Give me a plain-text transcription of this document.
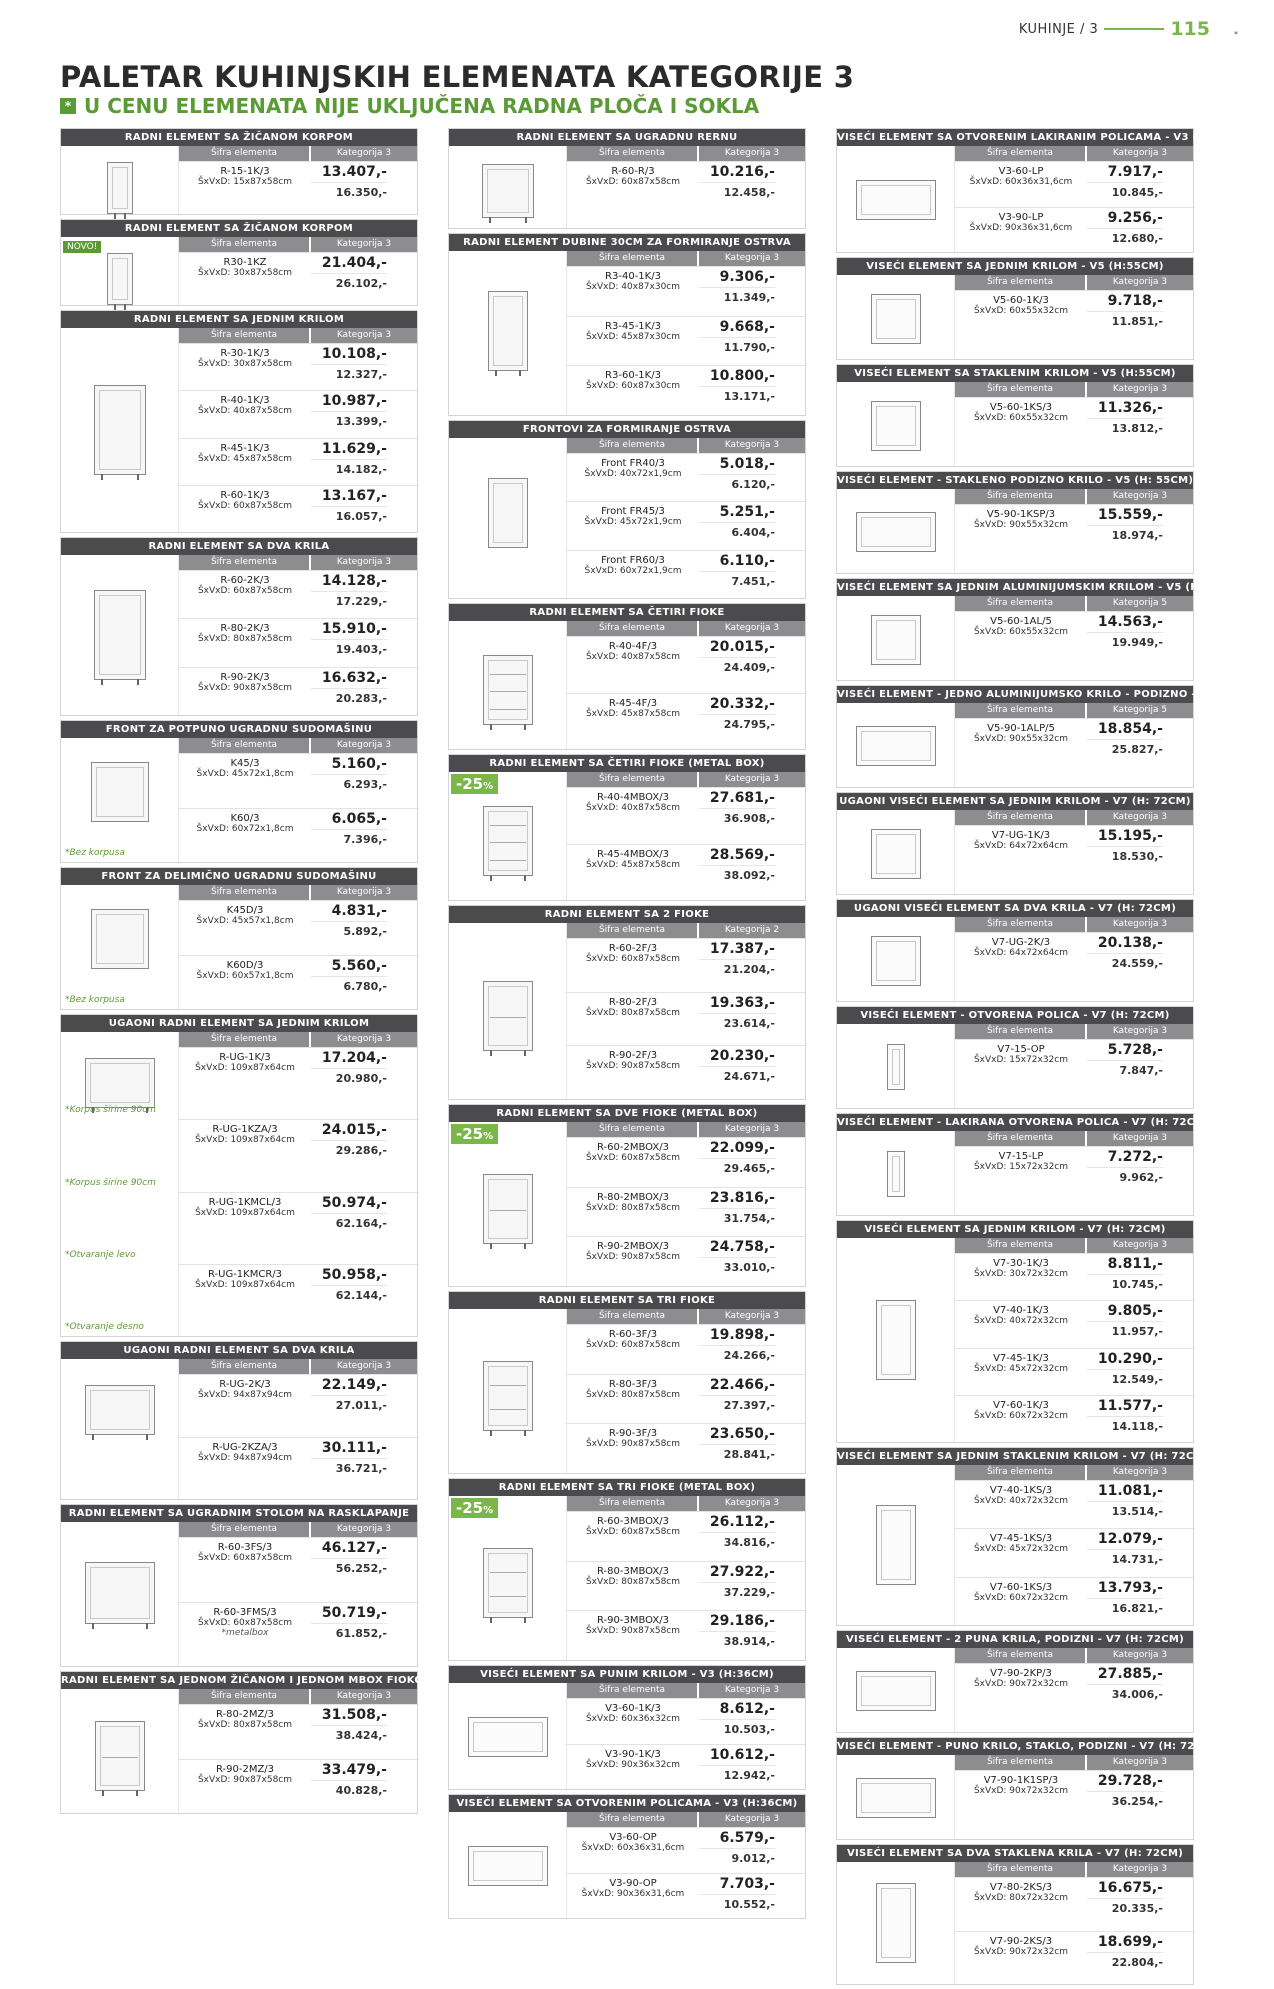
KUHINJE / 3	115	*
PALETAR KUHINJSKIH ELEMENATA KATEGORIJE 3
* U CENU ELEMENATA NIJE UKLJUČENA RADNA PLOČA I SOKLA
RADNI ELEMENT SA ŽIČANOM KORPOM
Šifra elementa	Kategorija 3
R-15-1K/3
ŠxVxD: 15x87x58cm
13.407,-
16.350,-
RADNI ELEMENT SA ŽIČANOM KORPOM
NOVO!	Šifra elementa	Kategorija 3
R30-1KZ
ŠxVxD: 30x87x58cm
21.404,-
26.102,-
RADNI ELEMENT SA JEDNIM KRILOM
Šifra elementa	Kategorija 3
R-30-1K/3
ŠxVxD: 30x87x58cm
10.108,-
12.327,-
R-40-1K/3
ŠxVxD: 40x87x58cm
10.987,-
13.399,-
R-45-1K/3
ŠxVxD: 45x87x58cm
11.629,-
14.182,-
R-60-1K/3
ŠxVxD: 60x87x58cm
13.167,-
16.057,-
RADNI ELEMENT SA DVA KRILA
Šifra elementa	Kategorija 3
R-60-2K/3
ŠxVxD: 60x87x58cm
14.128,-
17.229,-
R-80-2K/3
ŠxVxD: 80x87x58cm
15.910,-
19.403,-
R-90-2K/3
ŠxVxD: 90x87x58cm
16.632,-
20.283,-
FRONT ZA POTPUNO UGRADNU SUDOMAŠINU
*Bez korpusa
Šifra elementa	Kategorija 3
K45/3
ŠxVxD: 45x72x1,8cm
5.160,-
6.293,-
K60/3
ŠxVxD: 60x72x1,8cm
6.065,-
7.396,-
FRONT ZA DELIMIČNO UGRADNU SUDOMAŠINU
*Bez korpusa
Šifra elementa	Kategorija 3
K45D/3
ŠxVxD: 45x57x1,8cm
4.831,-
5.892,-
K60D/3
ŠxVxD: 60x57x1,8cm
5.560,-
6.780,-
UGAONI RADNI ELEMENT SA JEDNIM KRILOM
*Korpus širine 90cm
*Korpus širine 90cm
*Otvaranje levo
*Otvaranje desno
Šifra elementa	Kategorija 3
R-UG-1K/3
ŠxVxD: 109x87x64cm
17.204,-
20.980,-
R-UG-1KZA/3
ŠxVxD: 109x87x64cm
24.015,-
29.286,-
R-UG-1KMCL/3
ŠxVxD: 109x87x64cm
50.974,-
62.164,-
R-UG-1KMCR/3
ŠxVxD: 109x87x64cm
50.958,-
62.144,-
UGAONI RADNI ELEMENT SA DVA KRILA
Šifra elementa	Kategorija 3
R-UG-2K/3
ŠxVxD: 94x87x94cm
22.149,-
27.011,-
R-UG-2KZA/3
ŠxVxD: 94x87x94cm
30.111,-
36.721,-
RADNI ELEMENT SA UGRADNIM STOLOM NA RASKLAPANJE
Šifra elementa	Kategorija 3
R-60-3FS/3
ŠxVxD: 60x87x58cm
46.127,-
56.252,-
R-60-3FMS/3
ŠxVxD: 60x87x58cm
*metalbox
50.719,-
61.852,-
RADNI ELEMENT SA JEDNOM ŽIČANOM I JEDNOM MBOX FIOKOM
Šifra elementa	Kategorija 3
R-80-2MZ/3
ŠxVxD: 80x87x58cm
31.508,-
38.424,-
R-90-2MZ/3
ŠxVxD: 90x87x58cm
33.479,-
40.828,-
RADNI ELEMENT SA UGRADNU RERNU
Šifra elementa	Kategorija 3
R-60-R/3
ŠxVxD: 60x87x58cm
10.216,-
12.458,-
RADNI ELEMENT DUBINE 30CM ZA FORMIRANJE OSTRVA
Šifra elementa	Kategorija 3
R3-40-1K/3
ŠxVxD: 40x87x30cm
9.306,-
11.349,-
R3-45-1K/3
ŠxVxD: 45x87x30cm
9.668,-
11.790,-
R3-60-1K/3
ŠxVxD: 60x87x30cm
10.800,-
13.171,-
FRONTOVI ZA FORMIRANJE OSTRVA
Šifra elementa	Kategorija 3
Front FR40/3
ŠxVxD: 40x72x1,9cm
5.018,-
6.120,-
Front FR45/3
ŠxVxD: 45x72x1,9cm
5.251,-
6.404,-
Front FR60/3
ŠxVxD: 60x72x1,9cm
6.110,-
7.451,-
RADNI ELEMENT SA ČETIRI FIOKE
Šifra elementa	Kategorija 3
R-40-4F/3
ŠxVxD: 40x87x58cm
20.015,-
24.409,-
R-45-4F/3
ŠxVxD: 45x87x58cm
20.332,-
24.795,-
RADNI ELEMENT SA ČETIRI FIOKE (METAL BOX)
-25%
Šifra elementa	Kategorija 3
R-40-4MBOX/3
ŠxVxD: 40x87x58cm
27.681,-
36.908,-
R-45-4MBOX/3
ŠxVxD: 45x87x58cm
28.569,-
38.092,-
RADNI ELEMENT SA 2 FIOKE
Šifra elementa	Kategorija 2
R-60-2F/3
ŠxVxD: 60x87x58cm
17.387,-
21.204,-
R-80-2F/3
ŠxVxD: 80x87x58cm
19.363,-
23.614,-
R-90-2F/3
ŠxVxD: 90x87x58cm
20.230,-
24.671,-
RADNI ELEMENT SA DVE FIOKE (METAL BOX)
-25%
Šifra elementa	Kategorija 3
R-60-2MBOX/3
ŠxVxD: 60x87x58cm
22.099,-
29.465,-
R-80-2MBOX/3
ŠxVxD: 80x87x58cm
23.816,-
31.754,-
R-90-2MBOX/3
ŠxVxD: 90x87x58cm
24.758,-
33.010,-
RADNI ELEMENT SA TRI FIOKE
Šifra elementa	Kategorija 3
R-60-3F/3
ŠxVxD: 60x87x58cm
19.898,-
24.266,-
R-80-3F/3
ŠxVxD: 80x87x58cm
22.466,-
27.397,-
R-90-3F/3
ŠxVxD: 90x87x58cm
23.650,-
28.841,-
RADNI ELEMENT SA TRI FIOKE (METAL BOX)
-25%
Šifra elementa	Kategorija 3
R-60-3MBOX/3
ŠxVxD: 60x87x58cm
26.112,-
34.816,-
R-80-3MBOX/3
ŠxVxD: 80x87x58cm
27.922,-
37.229,-
R-90-3MBOX/3
ŠxVxD: 90x87x58cm
29.186,-
38.914,-
VISEĆI ELEMENT SA PUNIM KRILOM - V3 (H:36CM)
Šifra elementa	Kategorija 3
V3-60-1K/3
ŠxVxD: 60x36x32cm
8.612,-
10.503,-
V3-90-1K/3
ŠxVxD: 90x36x32cm
10.612,-
12.942,-
VISEĆI ELEMENT SA OTVORENIM POLICAMA - V3 (H:36CM)
Šifra elementa	Kategorija 3
V3-60-OP
ŠxVxD: 60x36x31,6cm
6.579,-
9.012,-
V3-90-OP
ŠxVxD: 90x36x31,6cm
7.703,-
10.552,-
VISEĆI ELEMENT SA OTVORENIM LAKIRANIM POLICAMA - V3 (H:36CM)
Šifra elementa	Kategorija 3
V3-60-LP
ŠxVxD: 60x36x31,6cm
7.917,-
10.845,-
V3-90-LP
ŠxVxD: 90x36x31,6cm
9.256,-
12.680,-
VISEĆI ELEMENT SA JEDNIM KRILOM - V5 (H:55CM)
Šifra elementa	Kategorija 3
V5-60-1K/3
ŠxVxD: 60x55x32cm
9.718,-
11.851,-
VISEĆI ELEMENT SA STAKLENIM KRILOM - V5 (H:55CM)
Šifra elementa	Kategorija 3
V5-60-1KS/3
ŠxVxD: 60x55x32cm
11.326,-
13.812,-
VISEĆI ELEMENT - STAKLENO PODIZNO KRILO - V5 (H: 55CM)
Šifra elementa	Kategorija 3
V5-90-1KSP/3
ŠxVxD: 90x55x32cm
15.559,-
18.974,-
VISEĆI ELEMENT SA JEDNIM ALUMINIJUMSKIM KRILOM - V5 (H:55CM)
Šifra elementa	Kategorija 5
V5-60-1AL/5
ŠxVxD: 60x55x32cm
14.563,-
19.949,-
VISEĆI ELEMENT - JEDNO ALUMINIJUMSKO KRILO - PODIZNO - V5 (H:55CM)
Šifra elementa	Kategorija 5
V5-90-1ALP/5
ŠxVxD: 90x55x32cm
18.854,-
25.827,-
UGAONI VISEĆI ELEMENT SA JEDNIM KRILOM - V7 (H: 72CM)
Šifra elementa	Kategorija 3
V7-UG-1K/3
ŠxVxD: 64x72x64cm
15.195,-
18.530,-
UGAONI VISEĆI ELEMENT SA DVA KRILA - V7 (H: 72CM)
Šifra elementa	Kategorija 3
V7-UG-2K/3
ŠxVxD: 64x72x64cm
20.138,-
24.559,-
VISEĆI ELEMENT - OTVORENA POLICA - V7 (H: 72CM)
Šifra elementa	Kategorija 3
V7-15-OP
ŠxVxD: 15x72x32cm
5.728,-
7.847,-
VISEĆI ELEMENT - LAKIRANA OTVORENA POLICA - V7 (H: 72CM)
Šifra elementa	Kategorija 3
V7-15-LP
ŠxVxD: 15x72x32cm
7.272,-
9.962,-
VISEĆI ELEMENT SA JEDNIM KRILOM - V7 (H: 72CM)
Šifra elementa	Kategorija 3
V7-30-1K/3
ŠxVxD: 30x72x32cm
8.811,-
10.745,-
V7-40-1K/3
ŠxVxD: 40x72x32cm
9.805,-
11.957,-
V7-45-1K/3
ŠxVxD: 45x72x32cm
10.290,-
12.549,-
V7-60-1K/3
ŠxVxD: 60x72x32cm
11.577,-
14.118,-
VISEĆI ELEMENT SA JEDNIM STAKLENIM KRILOM - V7 (H: 72CM)
Šifra elementa	Kategorija 3
V7-40-1KS/3
ŠxVxD: 40x72x32cm
11.081,-
13.514,-
V7-45-1KS/3
ŠxVxD: 45x72x32cm
12.079,-
14.731,-
V7-60-1KS/3
ŠxVxD: 60x72x32cm
13.793,-
16.821,-
VISEĆI ELEMENT - 2 PUNA KRILA, PODIZNI - V7 (H: 72CM)
Šifra elementa	Kategorija 3
V7-90-2KP/3
ŠxVxD: 90x72x32cm
27.885,-
34.006,-
VISEĆI ELEMENT - PUNO KRILO, STAKLO, PODIZNI - V7 (H: 72CM)
Šifra elementa	Kategorija 3
V7-90-1K1SP/3
ŠxVxD: 90x72x32cm
29.728,-
36.254,-
VISEĆI ELEMENT SA DVA STAKLENA KRILA - V7 (H: 72CM)
Šifra elementa	Kategorija 3
V7-80-2KS/3
ŠxVxD: 80x72x32cm
16.675,-
20.335,-
V7-90-2KS/3
ŠxVxD: 90x72x32cm
18.699,-
22.804,-
